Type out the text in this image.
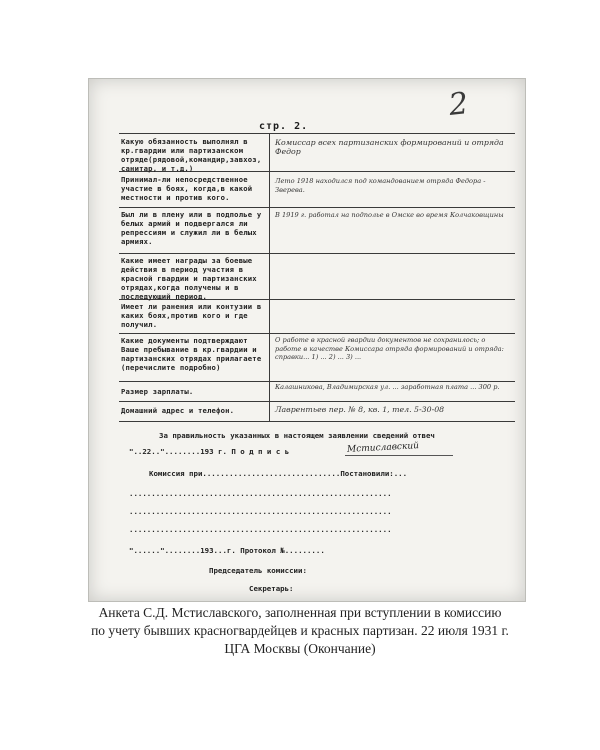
2
стр. 2.
Какую обязанность выполнял в кр.гвардии или партизанском отряде(рядовой,командир,завхоз, санитар, и т.д.)
Принимал-ли непосредственное участие в боях, когда,в какой местности и против кого.
Был ли в плену или в подполье у белых армий и подвергался ли репрессиям и служил ли в белых армиях.
Какие имеет награды за боевые действия в период участия в красной гвардии и партизанских отрядах,когда получены и в последующий период.
Имеет ли ранения или контузии в каких боях,против кого и где получил.
Какие документы подтверждают Ваше пребывание в кр.гвардии и партизанских отрядах прилагаете (перечислите подробно)
Размер зарплаты.
Домашний адрес и телефон.
Комиссар всех партизанских формирований и отряда Федор
Лето 1918 находился под командованием отряда Федора - Зверева.
В 1919 г. работал на подполье в Омске во время Колчаковщины
О работе в красной гвардии документов не сохранилось; о работе в качестве Комиссара отряда формирований и отряда: справки... 1) ... 2) ... 3) ...
Калашникова, Владимирская ул. ... заработная плата ... 300 р.
Лаврентьев пер. № 8, кв. 1, тел. 5-30-08
За правильность указанных в настоящем заявлении сведений отвеч
"..22.."........193 г. П о д п и с ь	Мстиславский
Комиссия при...............................Постановили:...
...........................................................
...........................................................
...........................................................
"......"........193...г. Протокол №.........
Председатель комиссии:
Секретарь:
Анкета С.Д. Мстиславского, заполненная при вступлении в комиссию
по учету бывших красногвардейцев и красных партизан. 22 июля 1931 г.
ЦГА Москвы (Окончание)
